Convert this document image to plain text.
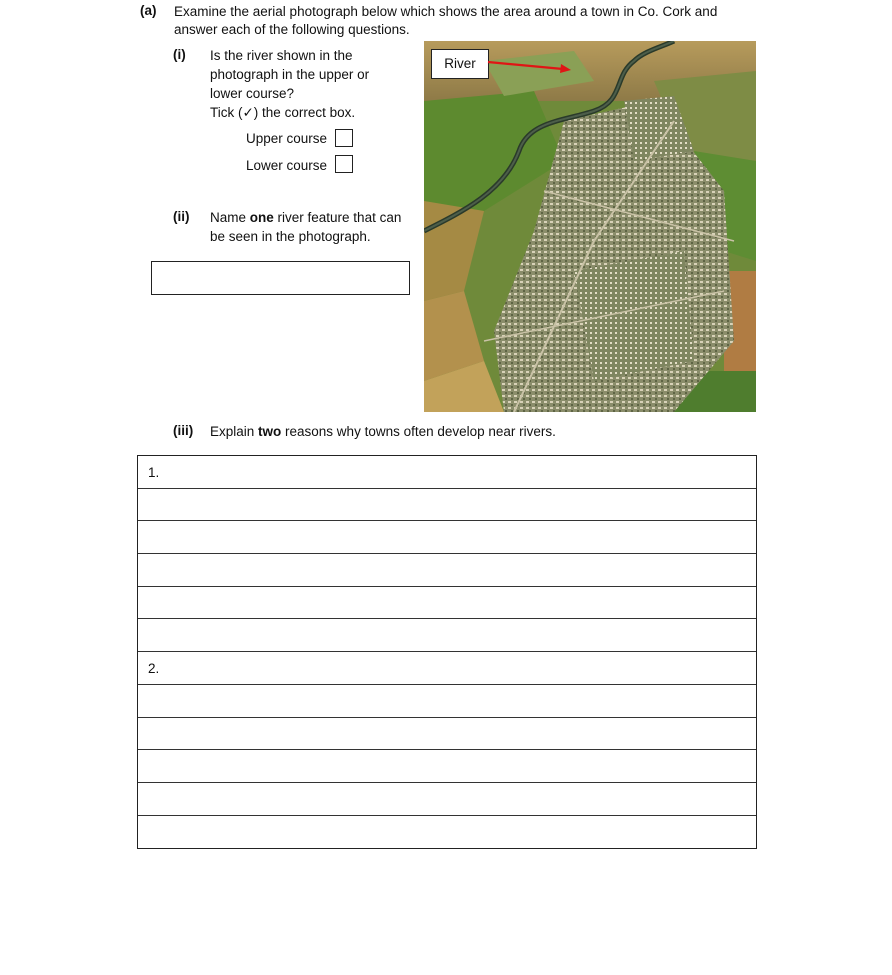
(a) Examine the aerial photograph below which shows the area around a town in Co. Cork and
answer each of the following questions.
(i) Is the river shown in the
photograph in the upper or
lower course?
Tick (✓) the correct box.
Upper course
Lower course
(ii) Name one river feature that can
be seen in the photograph.
River
(iii) Explain two reasons why towns often develop near rivers.
1.
2.
